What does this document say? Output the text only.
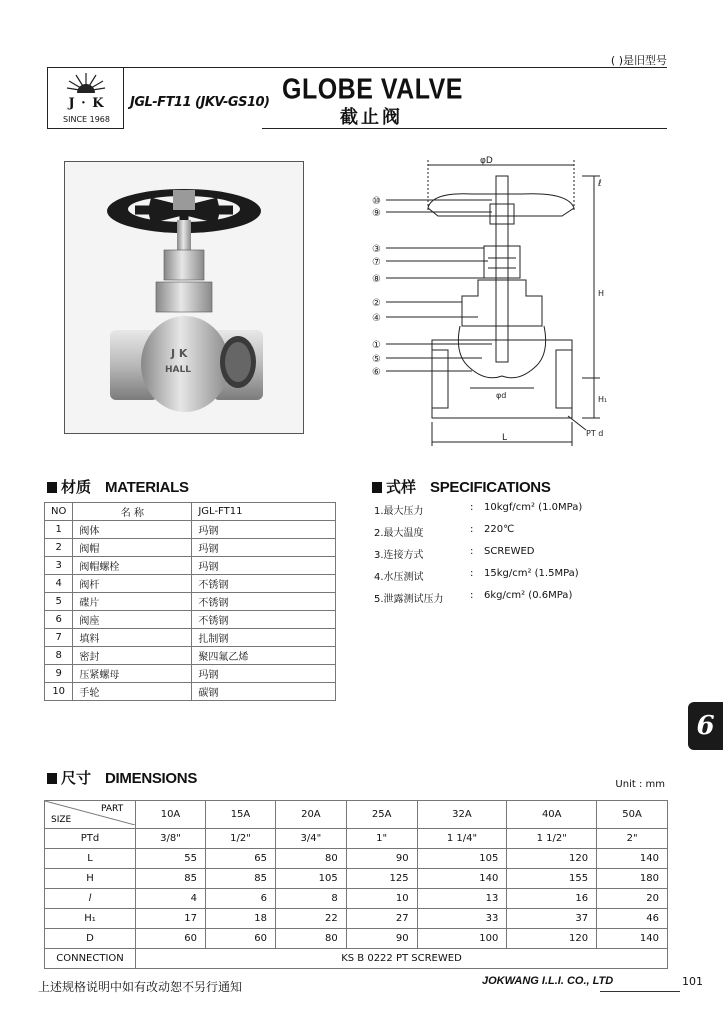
( )是旧型号
J · K
SINCE 1968
JGL-FT11 (JKV-GS10) GLOBE VALVE
截止阀
J K
HALL
⑩
⑨
③
⑦
⑧
②
④
①
⑤
⑥
φD
ℓ
H
H₁
φd
L	PT d
材质 MATERIALS
NO	名 称	JGL-FT11
1	阀体	玛钢
2	阀帽	玛钢
3	阀帽螺栓	玛钢
4	阀杆	不锈钢
5	碟片	不锈钢
6	阀座	不锈钢
7	填料	扎制钢
8	密封	聚四氟乙烯
9	压紧螺母	玛钢
10	手轮	碳钢
式样 SPECIFICATIONS
1.最大压力	:	10kgf/cm² (1.0MPa)
2.最大温度	:	220℃
3.连接方式	:	SCREWED
4.水压测试	:	15kg/cm² (1.5MPa)
5.泄露测试压力	:	6kg/cm² (0.6MPa)
6
尺寸 DIMENSIONS	Unit : mm
PART
SIZE	10A	15A	20A	25A	32A	40A	50A
PTd	3/8"	1/2"	3/4"	1"	1 1/4"	1 1/2"	2"
L	55	65	80	90	105	120	140
H	85	85	105	125	140	155	180
l	4	6	8	10	13	16	20
H₁	17	18	22	27	33	37	46
D	60	60	80	90	100	120	140
CONNECTION	KS B 0222 PT SCREWED						
上述规格说明中如有改动恕不另行通知	JOKWANG I.L.I. CO., LTD	101
